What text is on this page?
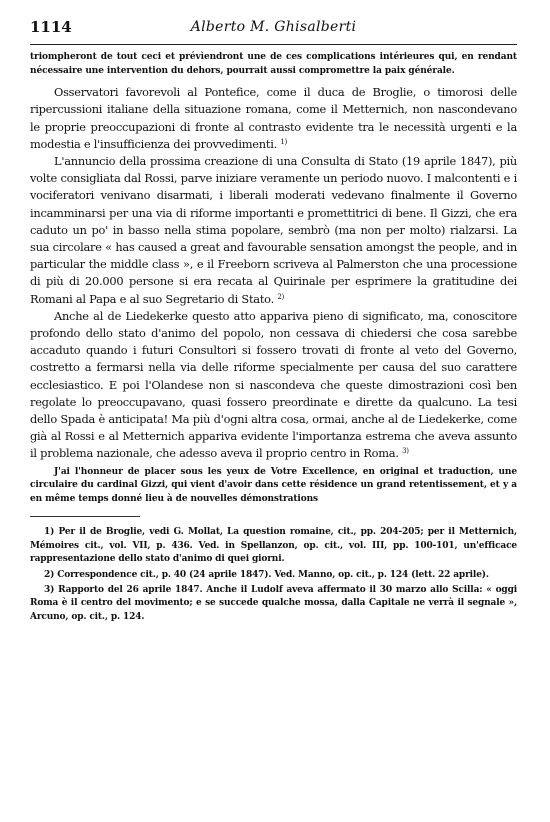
1114	Alberto M. Ghisalberti
triompheront de tout ceci et prévìendront une de ces complications intérieures qui, en rendant nécessaire une intervention du dehors, pourrait aussi compromettre la paix générale.

Osservatori favorevoli al Pontefice, come il duca de Broglie, o timorosi delle ripercussioni italiane della situazione romana, come il Metternich, non nascondevano le proprie preoccupazioni di fronte al contrasto evidente tra le necessità urgenti e la modestia e l'insufficienza dei provvedimenti. $^{1)}$

L'annuncio della prossima creazione di una Consulta di Stato (19 aprile 1847), più volte consigliata dal Rossi, parve iniziare veramente un periodo nuovo. I malcontenti e i vociferatori venivano disarmati, i liberali moderati vedevano finalmente il Governo incamminarsi per una via di riforme importanti e promettitrici di bene. Il Gizzi, che era caduto un po' in basso nella stima popolare, sembrò (ma non per molto) rialzarsi. La sua circolare « has caused a great and favourable sensation amongst the people, and in particular the middle class », e il Freeborn scriveva al Palmerston che una processione di più di 20.000 persone si era recata al Quirinale per esprimere la gratitudine dei Romani al Papa e al suo Segretario di Stato. $^{2)}$

Anche al de Liedekerke questo atto appariva pieno di significato, ma, conoscitore profondo dello stato d'animo del popolo, non cessava di chiedersi che cosa sarebbe accaduto quando i futuri Consultori si fossero trovati di fronte al veto del Governo, costretto a fermarsi nella via delle riforme specialmente per causa del suo carattere ecclesiastico. E poi l'Olandese non si nascondeva che queste dimostrazioni così ben regolate lo preoccupavano, quasi fossero preordinate e dirette da qualcuno. La tesi dello Spada è anticipata! Ma più d'ogni altra cosa, ormai, anche al de Liedekerke, come già al Rossi e al Metternich appariva evidente l'importanza estrema che aveva assunto il problema nazionale, che adesso aveva il proprio centro in Roma. $^{3)}$

J'ai l'honneur de placer sous les yeux de Votre Excellence, en original et traduction, une circulaire du cardinal Gizzi, qui vient d'avoir dans cette résidence un grand retentissement, et y a en même temps donné lieu à de nouvelles démonstrations

1) Per il de Broglie, vedi G. Mollat, La question romaine, cit., pp. 204-205; per il Metternich, Mémoires cit., vol. VII, p. 436. Ved. in Spellanzon, op. cit., vol. III, pp. 100-101, un'efficace rappresentazione dello stato d'animo di quei giorni.

2) Correspondence cit., p. 40 (24 aprile 1847). Ved. Manno, op. cit., p. 124 (lett. 22 aprile).

3) Rapporto del 26 aprile 1847. Anche il Ludolf aveva affermato il 30 marzo allo Scilla: « oggi Roma è il centro del movimento; e se succede qualche mossa, dalla Capitale ne verrà il segnale », Arcuno, op. cit., p. 124.
